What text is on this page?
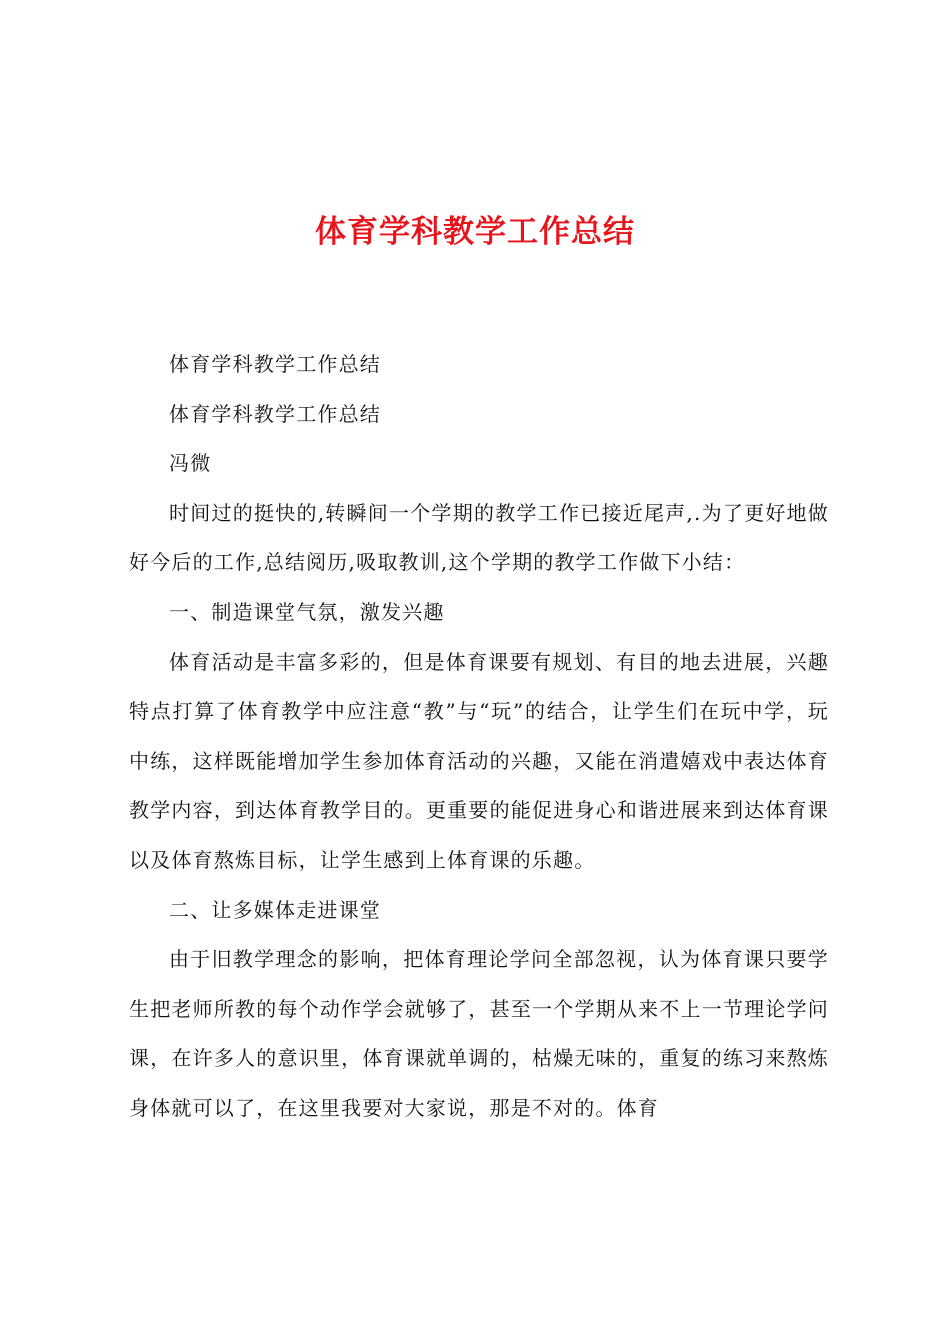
体育学科教学工作总结

体育学科教学工作总结

体育学科教学工作总结

冯微

时间过的挺快的,转瞬间一个学期的教学工作已接近尾声,.为了更好地做好今后的工作,总结阅历,吸取教训,这个学期的教学工作做下小结：

一、制造课堂气氛，激发兴趣

体育活动是丰富多彩的，但是体育课要有规划、有目的地去进展，兴趣特点打算了体育教学中应注意“教”与“玩”的结合，让学生们在玩中学，玩中练，这样既能增加学生参加体育活动的兴趣，又能在消遣嬉戏中表达体育教学内容，到达体育教学目的。更重要的能促进身心和谐进展来到达体育课以及体育熬炼目标，让学生感到上体育课的乐趣。

二、让多媒体走进课堂

由于旧教学理念的影响，把体育理论学问全部忽视，认为体育课只要学生把老师所教的每个动作学会就够了，甚至一个学期从来不上一节理论学问课，在许多人的意识里，体育课就单调的，枯燥无味的，重复的练习来熬炼身体就可以了，在这里我要对大家说，那是不对的。体育
